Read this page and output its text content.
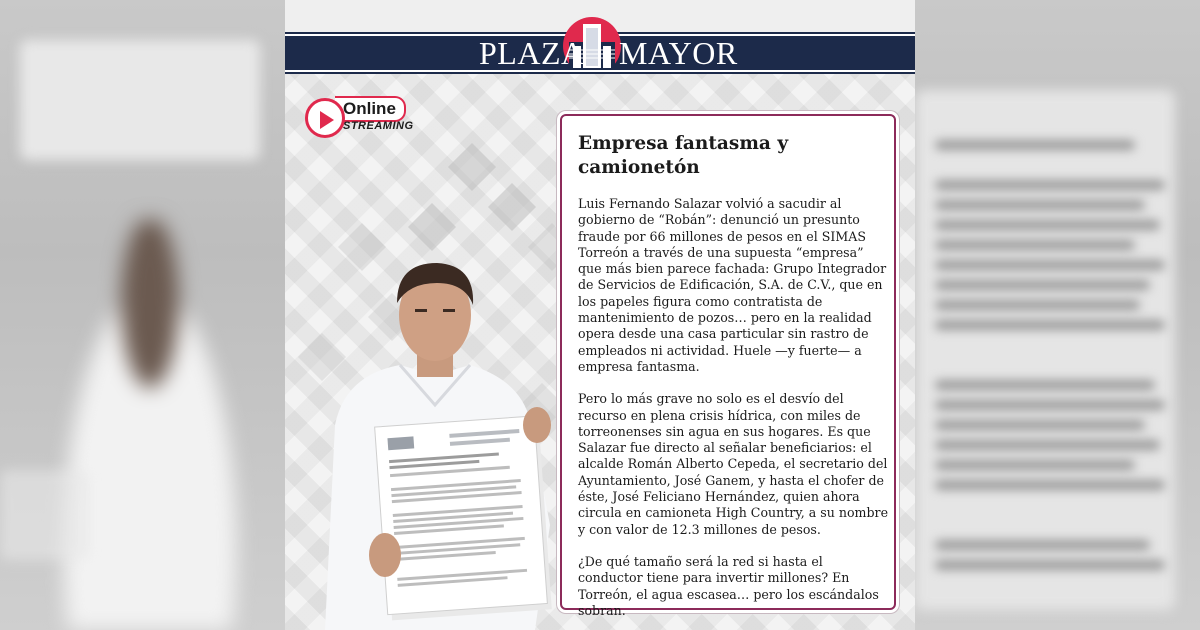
PLAZA MAYOR
Online
STREAMING
Empresa fantasma y camionetón

Luis Fernando Salazar volvió a sacudir al gobierno de “Robán”: denunció un presunto fraude por 66 millones de pesos en el SIMAS Torreón a través de una supuesta “empresa” que más bien parece fachada: Grupo Integrador de Servicios de Edificación, S.A. de C.V., que en los papeles figura como contratista de mantenimiento de pozos… pero en la realidad opera desde una casa particular sin rastro de empleados ni actividad. Huele —y fuerte— a empresa fantasma.

Pero lo más grave no solo es el desvío del recurso en plena crisis hídrica, con miles de torreonenses sin agua en sus hogares. Es que Salazar fue directo al señalar beneficiarios: el alcalde Román Alberto Cepeda, el secretario del Ayuntamiento, José Ganem, y hasta el chofer de éste, José Feliciano Hernández, quien ahora circula en camioneta High Country, a su nombre y con valor de 12.3 millones de pesos.

¿De qué tamaño será la red si hasta el conductor tiene para invertir millones? En Torreón, el agua escasea… pero los escándalos sobran.
